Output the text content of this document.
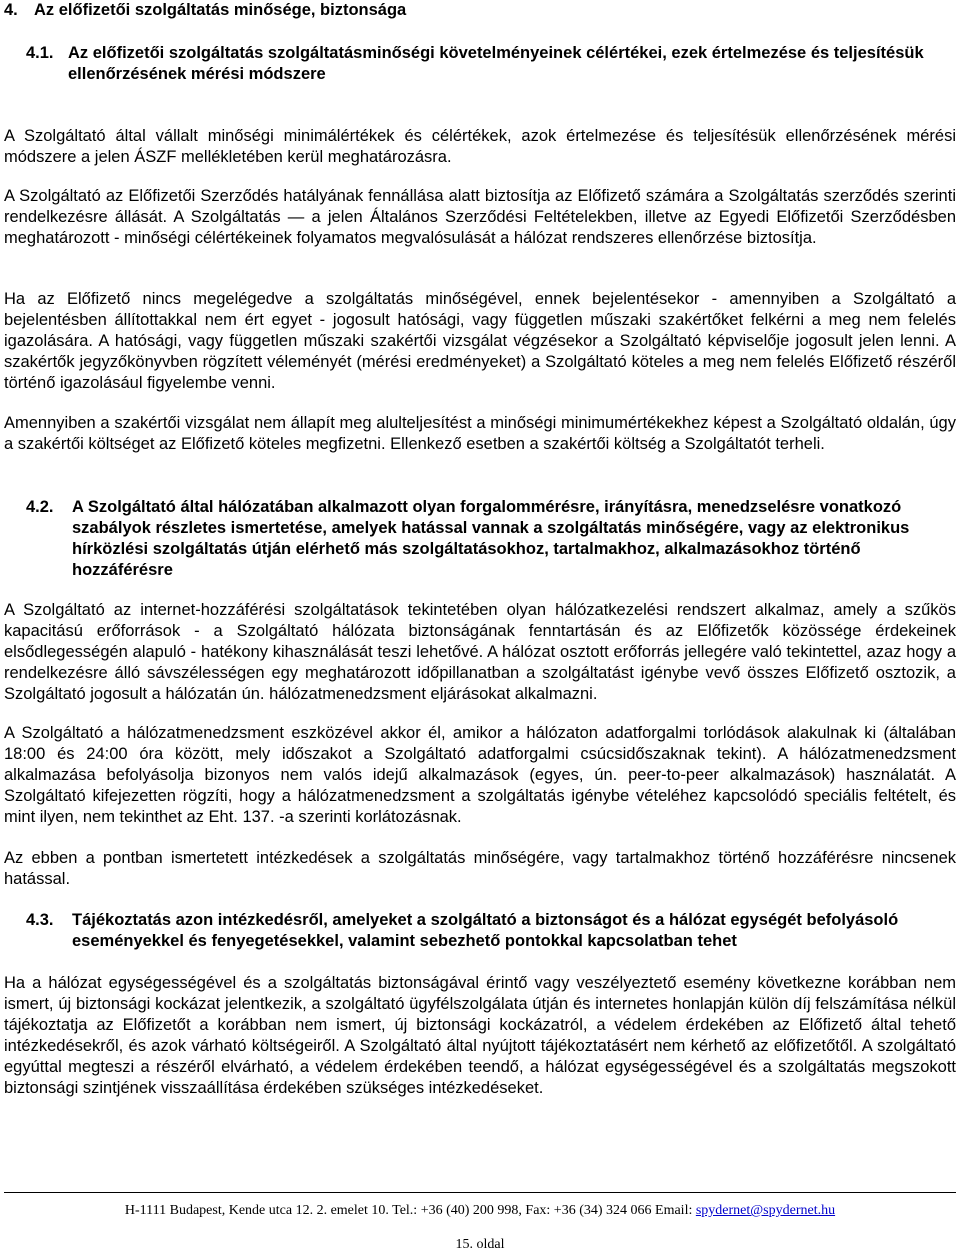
4. Az előfizetői szolgáltatás minősége, biztonsága
4.1. Az előfizetői szolgáltatás szolgáltatásminőségi követelményeinek célértékei, ezek értelmezése és teljesítésük ellenőrzésének mérési módszere

A Szolgáltató által vállalt minőségi minimálértékek és célértékek, azok értelmezése és teljesítésük ellenőrzésének mérési módszere a jelen ÁSZF mellékletében kerül meghatározásra.

A Szolgáltató az Előfizetői Szerződés hatályának fennállása alatt biztosítja az Előfizető számára a Szolgáltatás szerződés szerinti rendelkezésre állását. A Szolgáltatás ― a jelen Általános Szerződési Feltételekben, illetve az Egyedi Előfizetői Szerződésben meghatározott - minőségi célértékeinek folyamatos megvalósulását a hálózat rendszeres ellenőrzése biztosítja.

Ha az Előfizető nincs megelégedve a szolgáltatás minőségével, ennek bejelentésekor - amennyiben a Szolgáltató a bejelentésben állítottakkal nem ért egyet - jogosult hatósági, vagy független műszaki szakértőket felkérni a meg nem felelés igazolására. A hatósági, vagy független műszaki szakértői vizsgálat végzésekor a Szolgáltató képviselője jogosult jelen lenni. A szakértők jegyzőkönyvben rögzített véleményét (mérési eredményeket) a Szolgáltató köteles a meg nem felelés Előfizető részéről történő igazolásául figyelembe venni.

Amennyiben a szakértői vizsgálat nem állapít meg alulteljesítést a minőségi minimumértékekhez képest a Szolgáltató oldalán, úgy a szakértői költséget az Előfizető köteles megfizetni. Ellenkező esetben a szakértői költség a Szolgáltatót terheli.

4.2.	A Szolgáltató által hálózatában alkalmazott olyan forgalommérésre, irányításra, menedzselésre vonatkozó szabályok részletes ismertetése, amelyek hatással vannak a szolgáltatás minőségére, vagy az elektronikus hírközlési szolgáltatás útján elérhető más szolgáltatásokhoz, tartalmakhoz, alkalmazásokhoz történő hozzáférésre

A Szolgáltató az internet-hozzáférési szolgáltatások tekintetében olyan hálózatkezelési rendszert alkalmaz, amely a szűkös kapacitású erőforrások - a Szolgáltató hálózata biztonságának fenntartásán és az Előfizetők közössége érdekeinek elsődlegességén alapuló - hatékony kihasználását teszi lehetővé. A hálózat osztott erőforrás jellegére való tekintettel, azaz hogy a rendelkezésre álló sávszélességen egy meghatározott időpillanatban a szolgáltatást igénybe vevő összes Előfizető osztozik, a Szolgáltató jogosult a hálózatán ún. hálózatmenedzsment eljárásokat alkalmazni.

A Szolgáltató a hálózatmenedzsment eszközével akkor él, amikor a hálózaton adatforgalmi torlódások alakulnak ki (általában 18:00 és 24:00 óra között, mely időszakot a Szolgáltató adatforgalmi csúcsidőszaknak tekint). A hálózatmenedzsment alkalmazása befolyásolja bizonyos nem valós idejű alkalmazások (egyes, ún. peer-to-peer alkalmazások) használatát. A Szolgáltató kifejezetten rögzíti, hogy a hálózatmenedzsment a szolgáltatás igénybe vételéhez kapcsolódó speciális feltételt, és mint ilyen, nem tekinthet az Eht. 137. -a szerinti korlátozásnak.

Az ebben a pontban ismertetett intézkedések a szolgáltatás minőségére, vagy tartalmakhoz történő hozzáférésre nincsenek hatással.

4.3.	Tájékoztatás azon intézkedésről, amelyeket a szolgáltató a biztonságot és a hálózat egységét befolyásoló eseményekkel és fenyegetésekkel, valamint sebezhető pontokkal kapcsolatban tehet

Ha a hálózat egységességével és a szolgáltatás biztonságával érintő vagy veszélyeztető esemény következne korábban nem ismert, új biztonsági kockázat jelentkezik, a szolgáltató ügyfélszolgálata útján és internetes honlapján külön díj felszámítása nélkül tájékoztatja az Előfizetőt a korábban nem ismert, új biztonsági kockázatról, a védelem érdekében az Előfizető által tehető intézkedésekről, és azok várható költségeiről. A Szolgáltató által nyújtott tájékoztatásért nem kérhető az előfizetőtől. A szolgáltató egyúttal megteszi a részéről elvárható, a védelem érdekében teendő, a hálózat egységességével és a szolgáltatás megszokott biztonsági szintjének visszaállítása érdekében szükséges intézkedéseket.

H-1111 Budapest, Kende utca 12. 2. emelet 10. Tel.: +36 (40) 200 998, Fax: +36 (34) 324 066 Email: spydernet@spydernet.hu
15. oldal
